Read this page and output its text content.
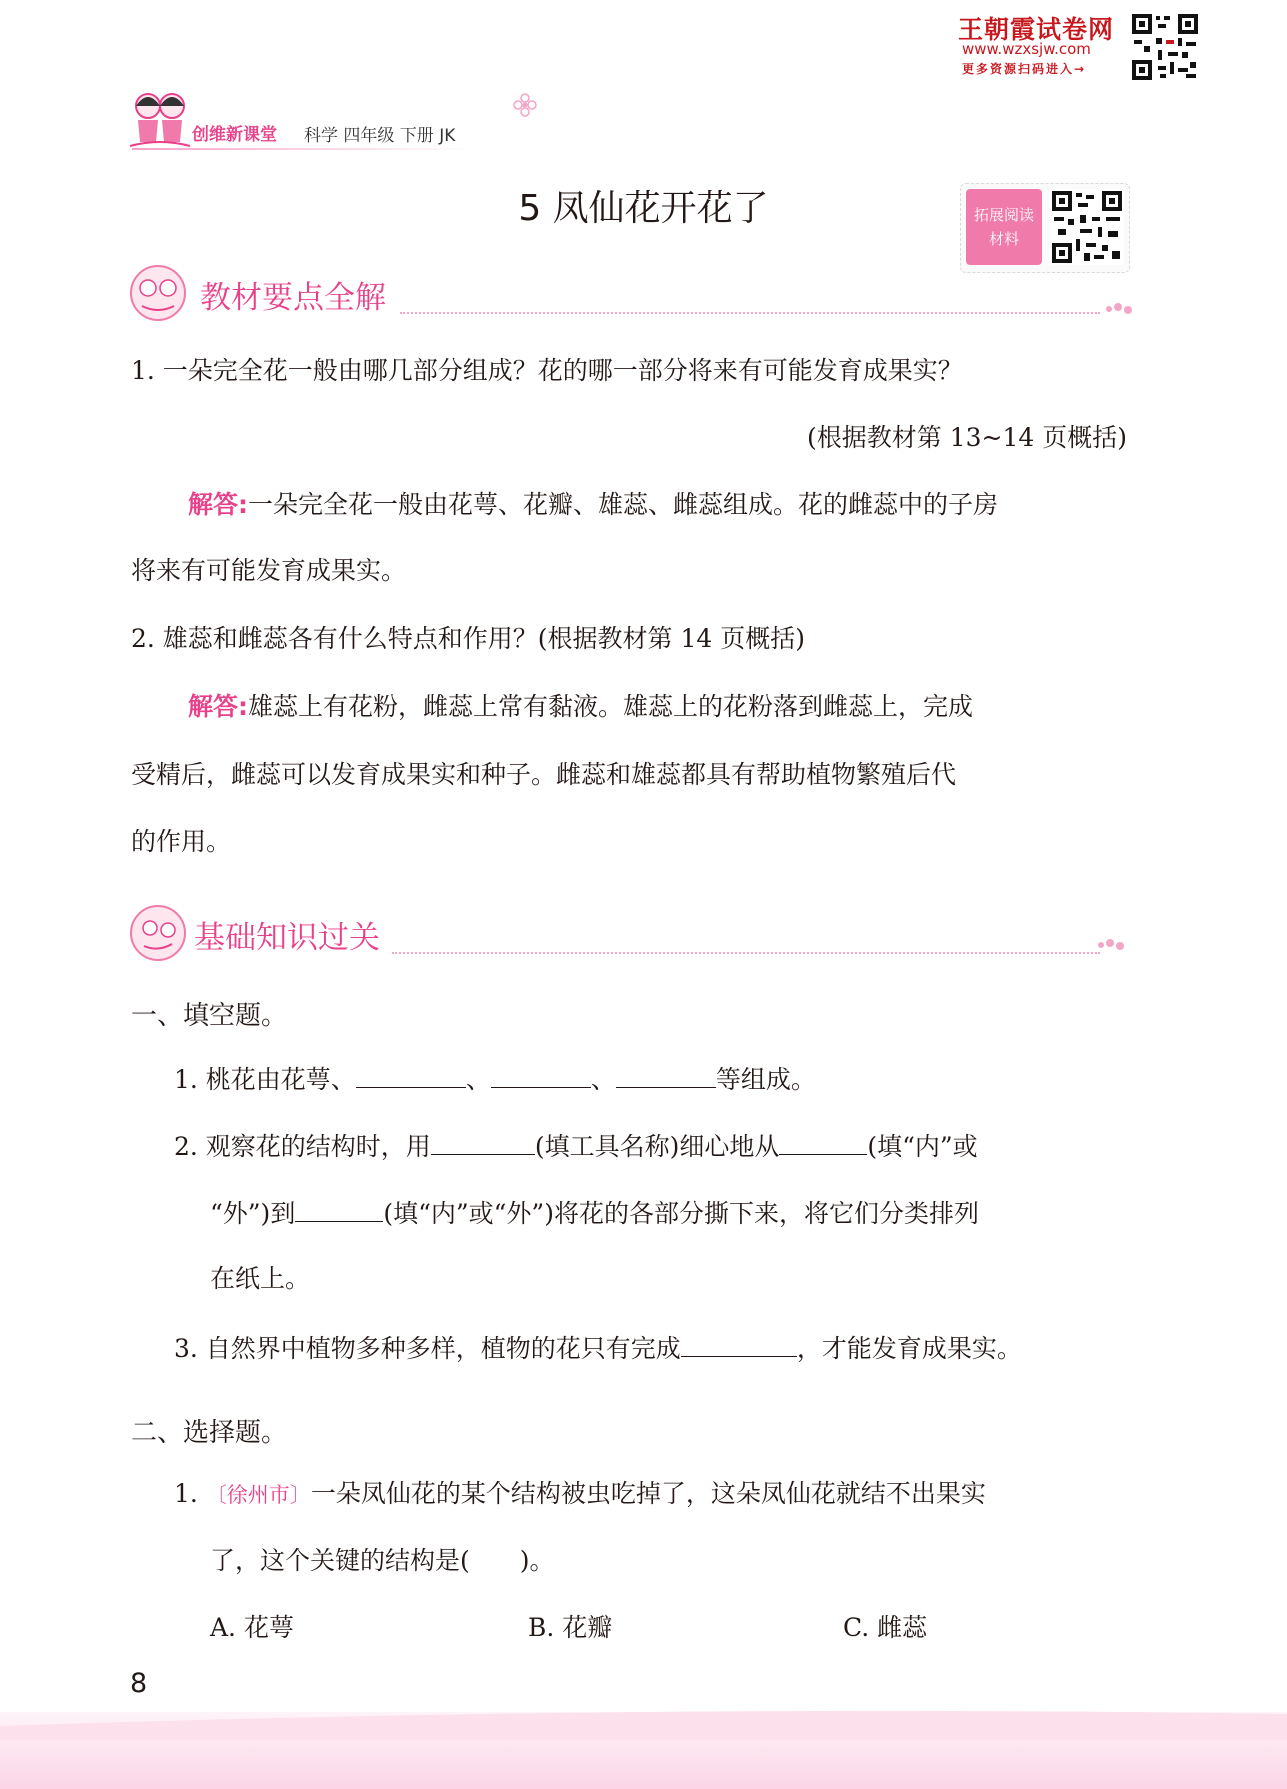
王朝霞试卷网
www.wzxsjw.com
更多资源扫码进入→
创维新课堂 科学 四年级 下册 JK
5 凤仙花开花了	拓展阅读材料
教材要点全解
1. 一朵完全花一般由哪几部分组成？花的哪一部分将来有可能发育成果实？
(根据教材第 13~14 页概括)
解答:一朵完全花一般由花萼、花瓣、雄蕊、雌蕊组成。花的雌蕊中的子房
将来有可能发育成果实。
2. 雄蕊和雌蕊各有什么特点和作用？(根据教材第 14 页概括)
解答:雄蕊上有花粉，雌蕊上常有黏液。雄蕊上的花粉落到雌蕊上，完成
受精后，雌蕊可以发育成果实和种子。雌蕊和雄蕊都具有帮助植物繁殖后代
的作用。
基础知识过关
一、填空题。
1. 桃花由花萼、	、	、	等组成。
2. 观察花的结构时，用	(填工具名称)细心地从	(填“内”或
“外”)到	(填“内”或“外”)将花的各部分撕下来，将它们分类排列
在纸上。
3. 自然界中植物多种多样，植物的花只有完成	，才能发育成果实。
二、选择题。
1. 〔徐州市〕一朵凤仙花的某个结构被虫吃掉了，这朵凤仙花就结不出果实
了，这个关键的结构是(　　)。
A. 花萼	B. 花瓣	C. 雌蕊
8
